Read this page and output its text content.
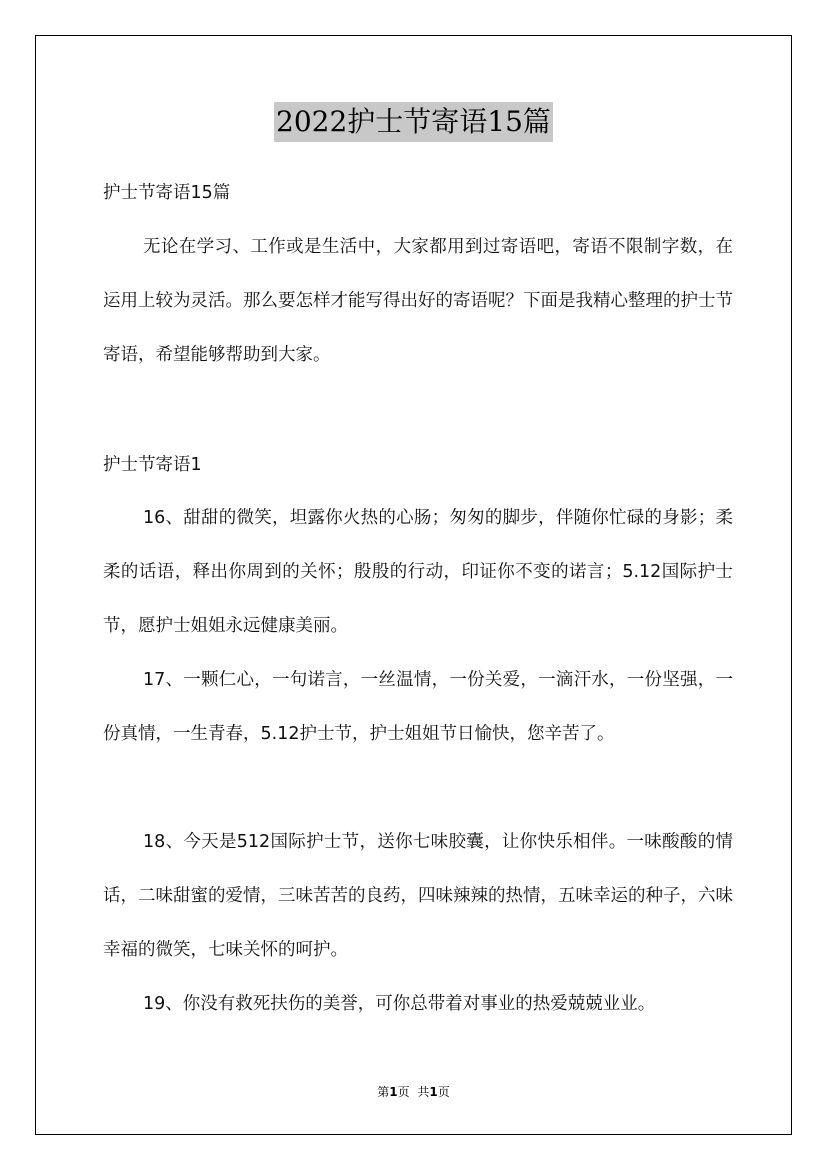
2022护士节寄语15篇
护士节寄语15篇
无论在学习、工作或是生活中，大家都用到过寄语吧，寄语不限制字数，在运用上较为灵活。那么要怎样才能写得出好的寄语呢？下面是我精心整理的护士节寄语，希望能够帮助到大家。
护士节寄语1
16、甜甜的微笑，坦露你火热的心肠；匆匆的脚步，伴随你忙碌的身影；柔柔的话语，释出你周到的关怀；殷殷的行动，印证你不变的诺言；5.12国际护士节，愿护士姐姐永远健康美丽。
17、一颗仁心，一句诺言，一丝温情，一份关爱，一滴汗水，一份坚强，一份真情，一生青春，5.12护士节，护士姐姐节日愉快，您辛苦了。
18、今天是512国际护士节，送你七味胶囊，让你快乐相伴。一味酸酸的情话，二味甜蜜的爱情，三味苦苦的良药，四味辣辣的热情，五味幸运的种子，六味幸福的微笑，七味关怀的呵护。
19、你没有救死扶伤的美誉，可你总带着对事业的热爱兢兢业业。
第1页 共1页
